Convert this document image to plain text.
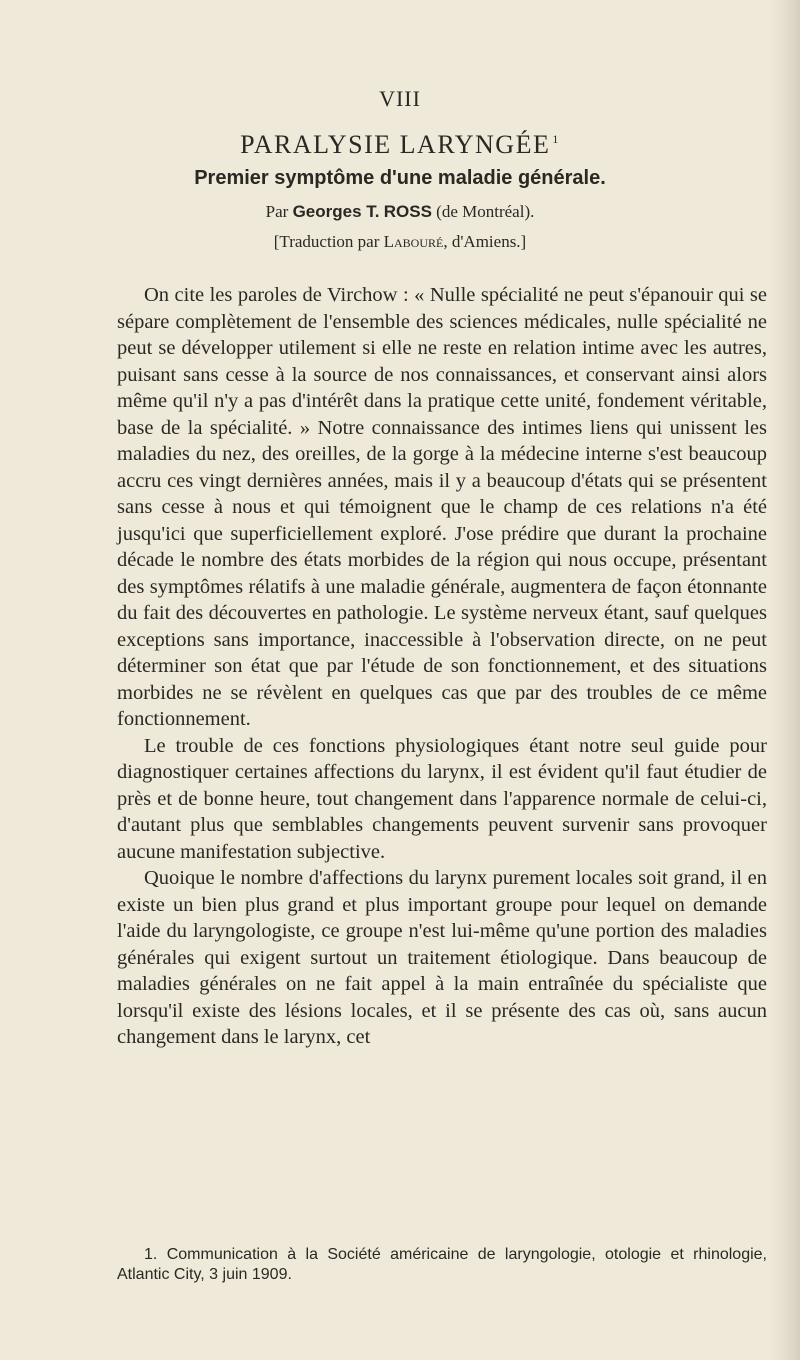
VIII
PARALYSIE LARYNGÉE $^1$
Premier symptôme d'une maladie générale.
Par Georges T. ROSS (de Montréal).
[Traduction par Labouré, d'Amiens.]

On cite les paroles de Virchow : « Nulle spécialité ne peut s'épanouir qui se sépare complètement de l'ensemble des sciences médicales, nulle spécialité ne peut se développer utilement si elle ne reste en relation intime avec les autres, puisant sans cesse à la source de nos connaissances, et conservant ainsi alors même qu'il n'y a pas d'intérêt dans la pratique cette unité, fondement véritable, base de la spécialité. » Notre connaissance des intimes liens qui unissent les maladies du nez, des oreilles, de la gorge à la médecine interne s'est beaucoup accru ces vingt dernières années, mais il y a beaucoup d'états qui se présentent sans cesse à nous et qui témoignent que le champ de ces relations n'a été jusqu'ici que superficiellement exploré. J'ose prédire que durant la prochaine décade le nombre des états morbides de la région qui nous occupe, présentant des symptômes rélatifs à une maladie générale, augmentera de façon étonnante du fait des découvertes en pathologie. Le système nerveux étant, sauf quelques exceptions sans importance, inaccessible à l'observation directe, on ne peut déterminer son état que par l'étude de son fonctionnement, et des situations morbides ne se révèlent en quelques cas que par des troubles de ce même fonctionnement.

Le trouble de ces fonctions physiologiques étant notre seul guide pour diagnostiquer certaines affections du larynx, il est évident qu'il faut étudier de près et de bonne heure, tout changement dans l'apparence normale de celui-ci, d'autant plus que semblables changements peuvent survenir sans provoquer aucune manifestation subjective.

Quoique le nombre d'affections du larynx purement locales soit grand, il en existe un bien plus grand et plus important groupe pour lequel on demande l'aide du laryngologiste, ce groupe n'est lui-même qu'une portion des maladies générales qui exigent surtout un traitement étiologique. Dans beaucoup de maladies générales on ne fait appel à la main entraînée du spécialiste que lorsqu'il existe des lésions locales, et il se présente des cas où, sans aucun changement dans le larynx, cet

1. Communication à la Société américaine de laryngologie, otologie et rhinologie, Atlantic City, 3 juin 1909.
